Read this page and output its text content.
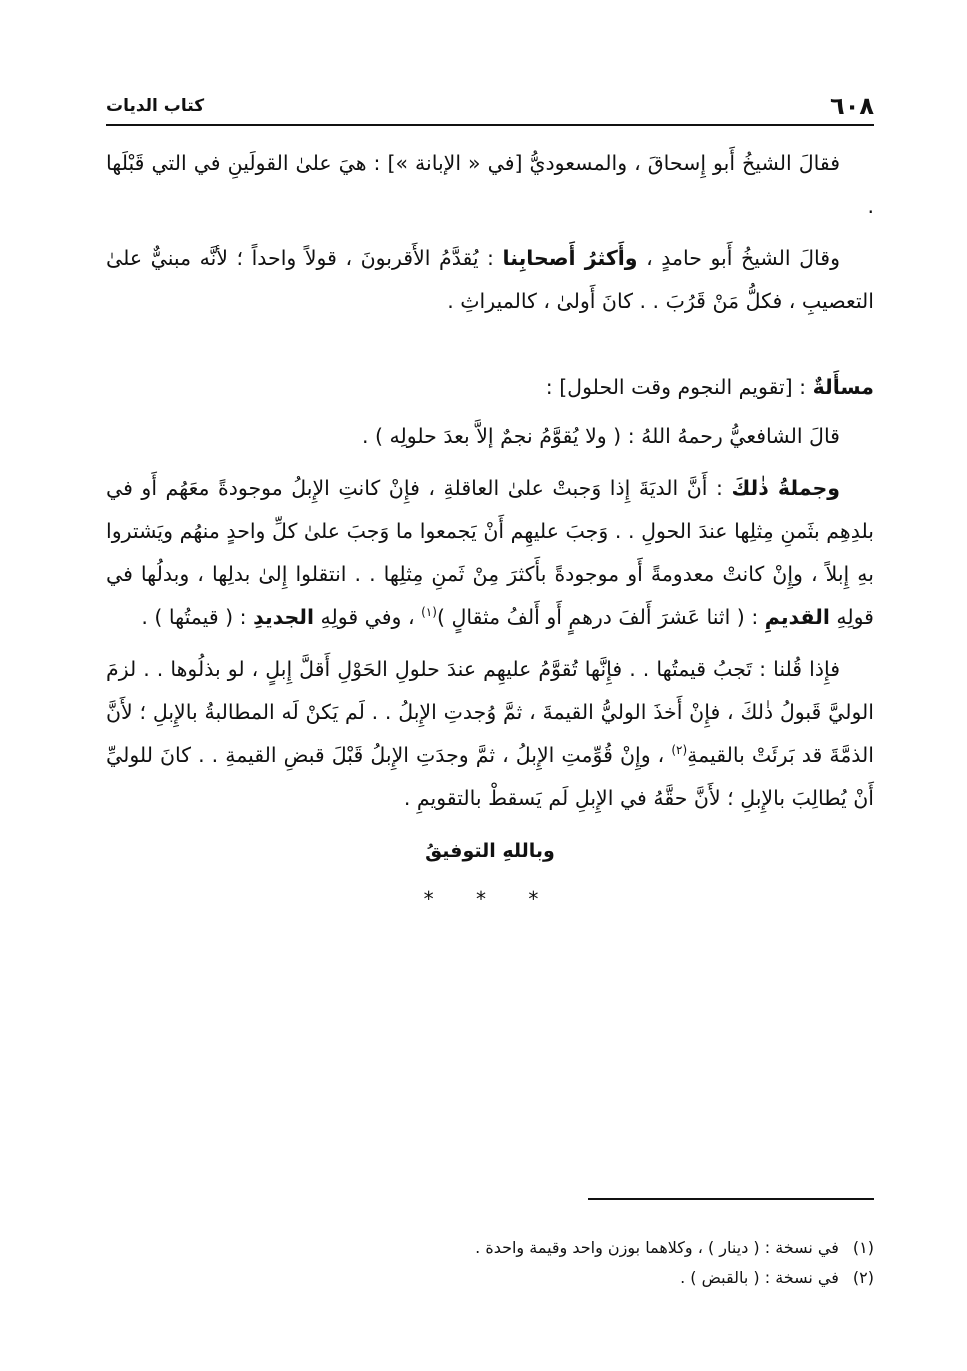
٦٠٨
كتاب الديات

فقالَ الشيخُ أَبو إِسحاقَ ، والمسعوديُّ [في « الإبانة »] : هيَ علىٰ القولَينِ في التي قَبْلَها .

وقالَ الشيخُ أَبو حامدٍ ، وأَكثرُ أَصحابِنا : يُقدَّمُ الأَقربونَ ، قولاً واحداً ؛ لأنَّه مبنيٌّ علىٰ التعصيبِ ، فكلُّ مَنْ قَرُبَ . . كانَ أَولىٰ ، كالميراثِ .

مسأَلةٌ : [تقويم النجوم وقت الحلول] :

قالَ الشافعيُّ رحمهُ اللهُ : ( ولا يُقوَّمُ نجمٌ إلاَّ بعدَ حلولِه ) .

وجملةُ ذٰلكَ : أَنَّ الديَةَ إِذا وَجبتْ علىٰ العاقلةِ ، فإِنْ كانتِ الإِبلُ موجودةً معَهُم أَو في بلدِهِم بثَمنِ مِثلِها عندَ الحولِ . . وَجبَ عليهِم أَنْ يَجمعوا ما وَجبَ علىٰ كلِّ واحدٍ منهُم ويَشتروا بهِ إِبلاً ، وإِنْ كانتْ معدومةً أَو موجودةً بأَكثرَ مِنْ ثَمنِ مِثلِها . . انتقلوا إِلىٰ بدلِها ، وبدلُها في قولِهِ القديمِ : ( اثنا عَشرَ أَلفَ درهمٍ أَو أَلفُ مثقالٍ )$^{(١)}$ ، وفي قولِهِ الجديدِ : ( قيمتُها ) .

فإِذا قُلنا : تَجبُ قيمتُها . . فإِنَّها تُقوَّمُ عليهِم عندَ حلولِ الحَوْلِ أَقلَّ إِبلٍ ، لو بذلُوها . . لزمَ الوليَّ قَبولُ ذٰلكَ ، فإِنْ أَخذَ الوليُّ القيمةَ ، ثمَّ وُجدتِ الإِبلُ . . لَم يَكنْ لَه المطالبةُ بالإِبلِ ؛ لأَنَّ الذمَّةَ قد بَرئَتْ بالقيمةِ$^{(٢)}$ ، وإِنْ قُوِّمتِ الإِبلُ ، ثمَّ وجدَتِ الإِبلُ قَبْلَ قبضِ القيمةِ . . كانَ للوليِّ أَنْ يُطالِبَ بالإِبلِ ؛ لأَنَّ حقَّهُ في الإِبلِ لَم يَسقطْ بالتقويمِ .

وباللهِ التوفيقُ

* * *
(١)
في نسخة : ( دينار ) ، وكلاهما بوزن واحد وقيمة واحدة .
(٢)
في نسخة : ( بالقبض ) .
